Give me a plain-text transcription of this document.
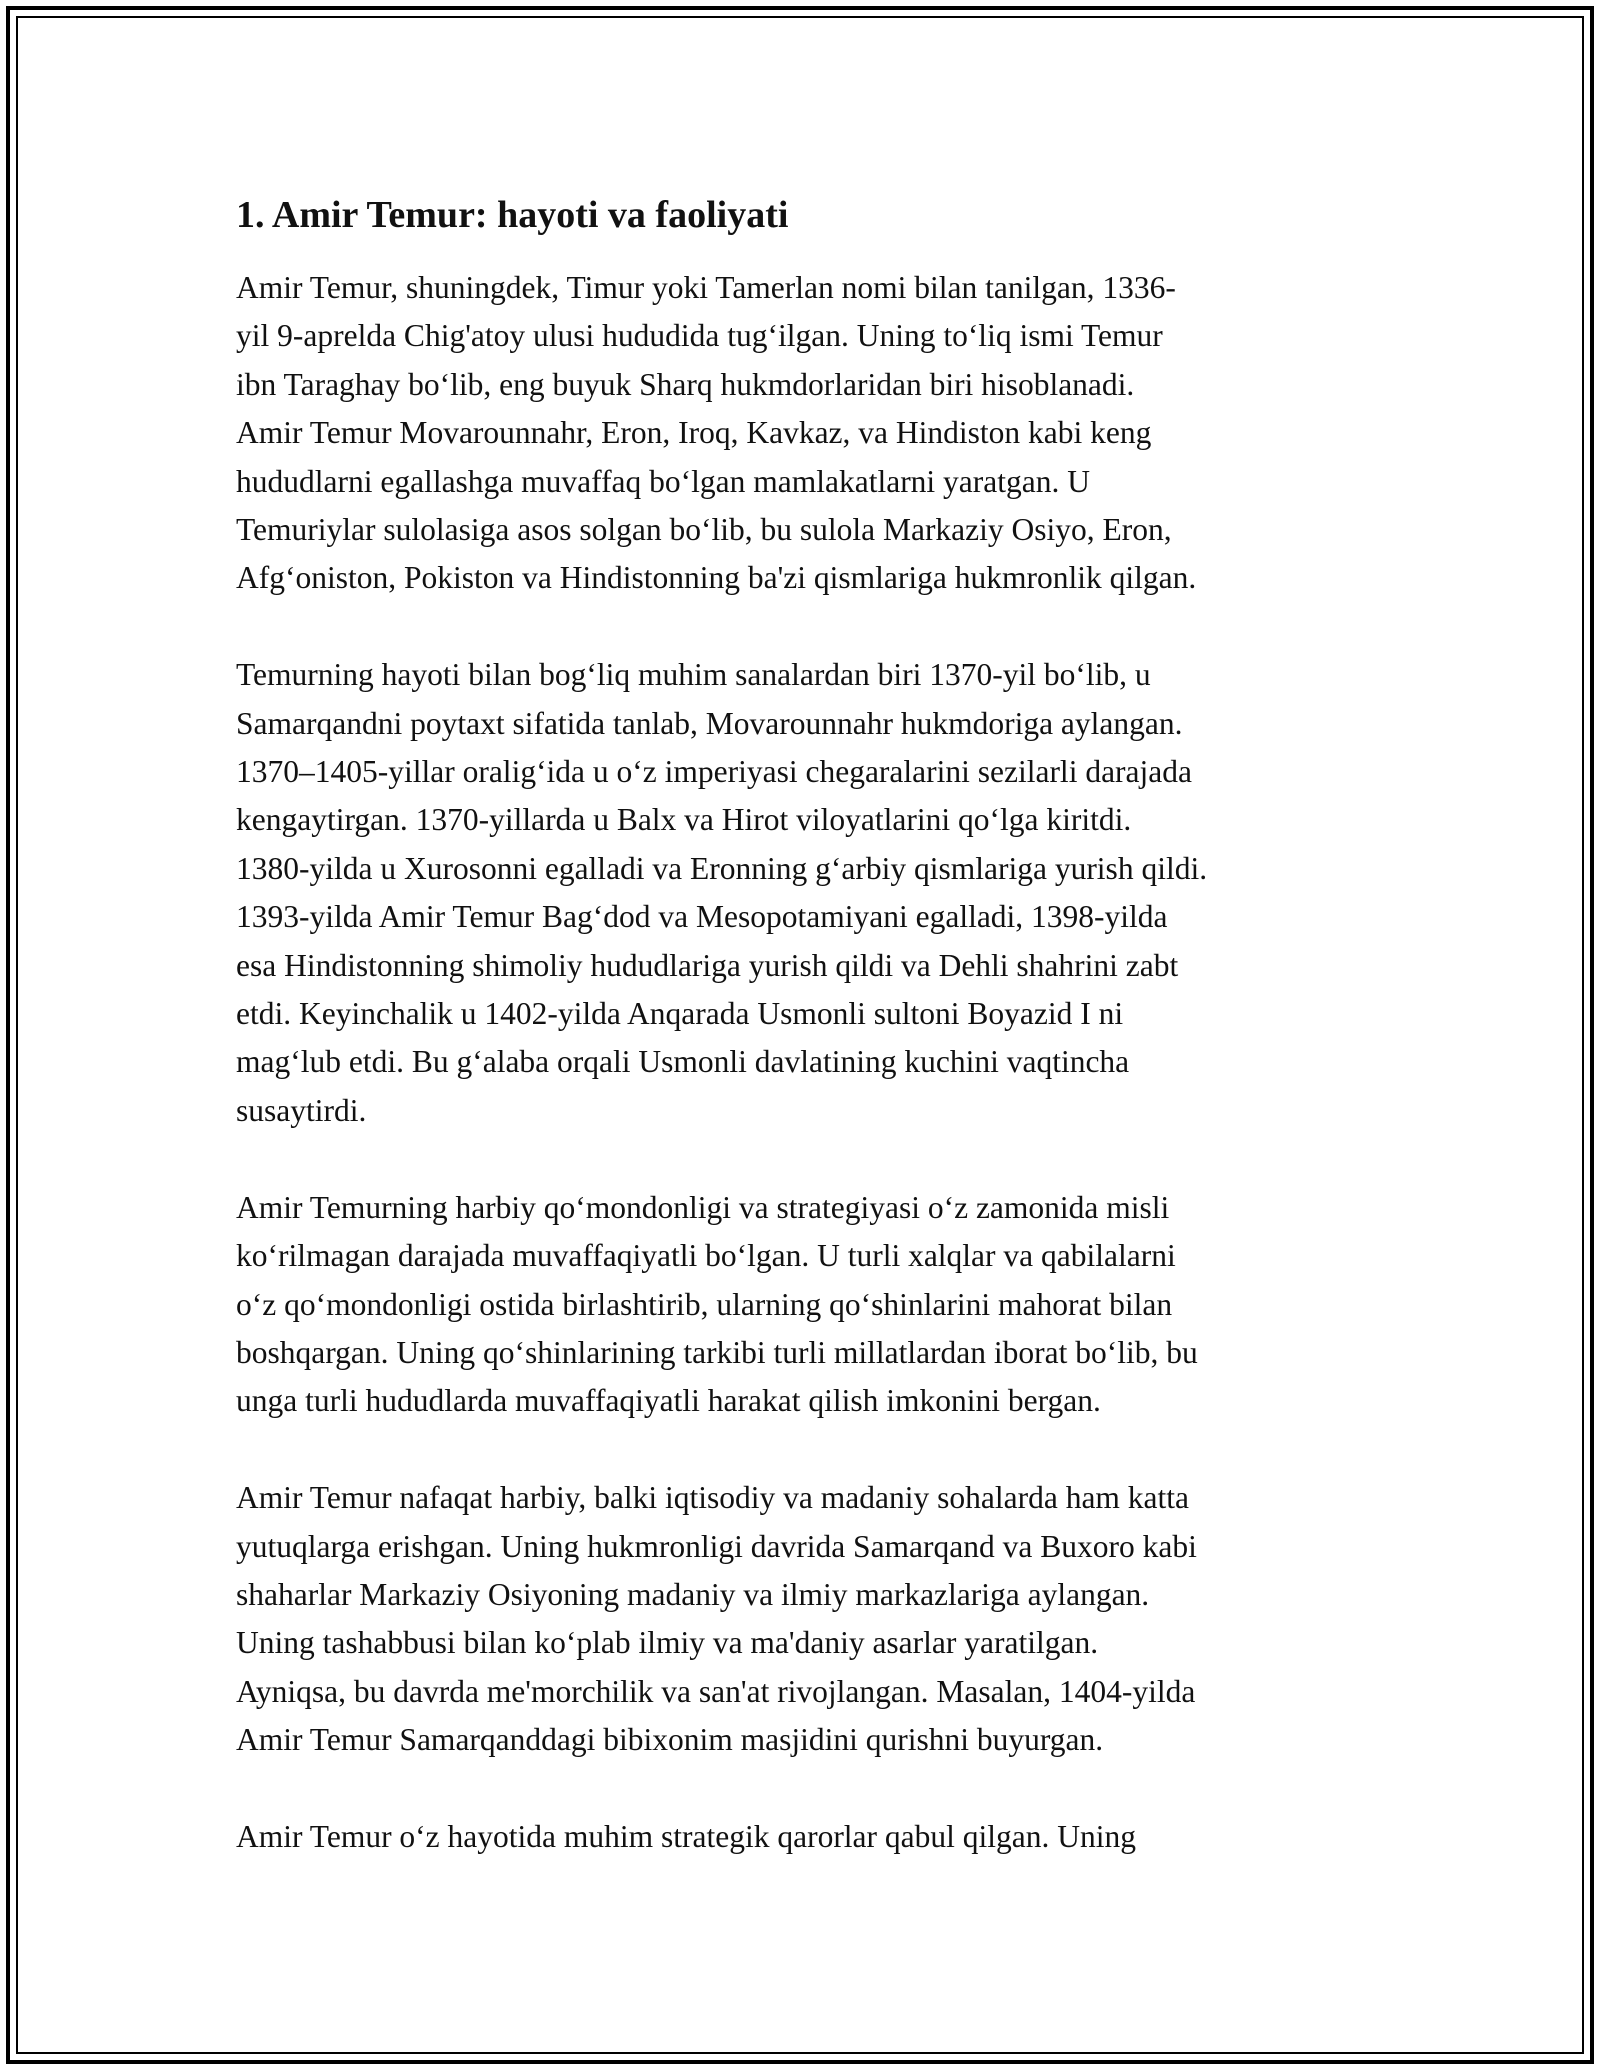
1. Amir Temur: hayoti va faoliyati
Amir Temur, shuningdek, Timur yoki Tamerlan nomi bilan tanilgan, 1336-
yil 9-aprelda Chig'atoy ulusi hududida tug‘ilgan. Uning to‘liq ismi Temur
ibn Taraghay bo‘lib, eng buyuk Sharq hukmdorlaridan biri hisoblanadi.
Amir Temur Movarounnahr, Eron, Iroq, Kavkaz, va Hindiston kabi keng
hududlarni egallashga muvaffaq bo‘lgan mamlakatlarni yaratgan. U
Temuriylar sulolasiga asos solgan bo‘lib, bu sulola Markaziy Osiyo, Eron,
Afg‘oniston, Pokiston va Hindistonning ba'zi qismlariga hukmronlik qilgan.
Temurning hayoti bilan bog‘liq muhim sanalardan biri 1370-yil bo‘lib, u
Samarqandni poytaxt sifatida tanlab, Movarounnahr hukmdoriga aylangan.
1370–1405-yillar oralig‘ida u o‘z imperiyasi chegaralarini sezilarli darajada
kengaytirgan. 1370-yillarda u Balx va Hirot viloyatlarini qo‘lga kiritdi.
1380-yilda u Xurosonni egalladi va Eronning g‘arbiy qismlariga yurish qildi.
1393-yilda Amir Temur Bag‘dod va Mesopotamiyani egalladi, 1398-yilda
esa Hindistonning shimoliy hududlariga yurish qildi va Dehli shahrini zabt
etdi. Keyinchalik u 1402-yilda Anqarada Usmonli sultoni Boyazid I ni
mag‘lub etdi. Bu g‘alaba orqali Usmonli davlatining kuchini vaqtincha
susaytirdi.
Amir Temurning harbiy qo‘mondonligi va strategiyasi o‘z zamonida misli
ko‘rilmagan darajada muvaffaqiyatli bo‘lgan. U turli xalqlar va qabilalarni
o‘z qo‘mondonligi ostida birlashtirib, ularning qo‘shinlarini mahorat bilan
boshqargan. Uning qo‘shinlarining tarkibi turli millatlardan iborat bo‘lib, bu
unga turli hududlarda muvaffaqiyatli harakat qilish imkonini bergan.
Amir Temur nafaqat harbiy, balki iqtisodiy va madaniy sohalarda ham katta
yutuqlarga erishgan. Uning hukmronligi davrida Samarqand va Buxoro kabi
shaharlar Markaziy Osiyoning madaniy va ilmiy markazlariga aylangan.
Uning tashabbusi bilan ko‘plab ilmiy va ma'daniy asarlar yaratilgan.
Ayniqsa, bu davrda me'morchilik va san'at rivojlangan. Masalan, 1404-yilda
Amir Temur Samarqanddagi bibixonim masjidini qurishni buyurgan.
Amir Temur o‘z hayotida muhim strategik qarorlar qabul qilgan. Uning
